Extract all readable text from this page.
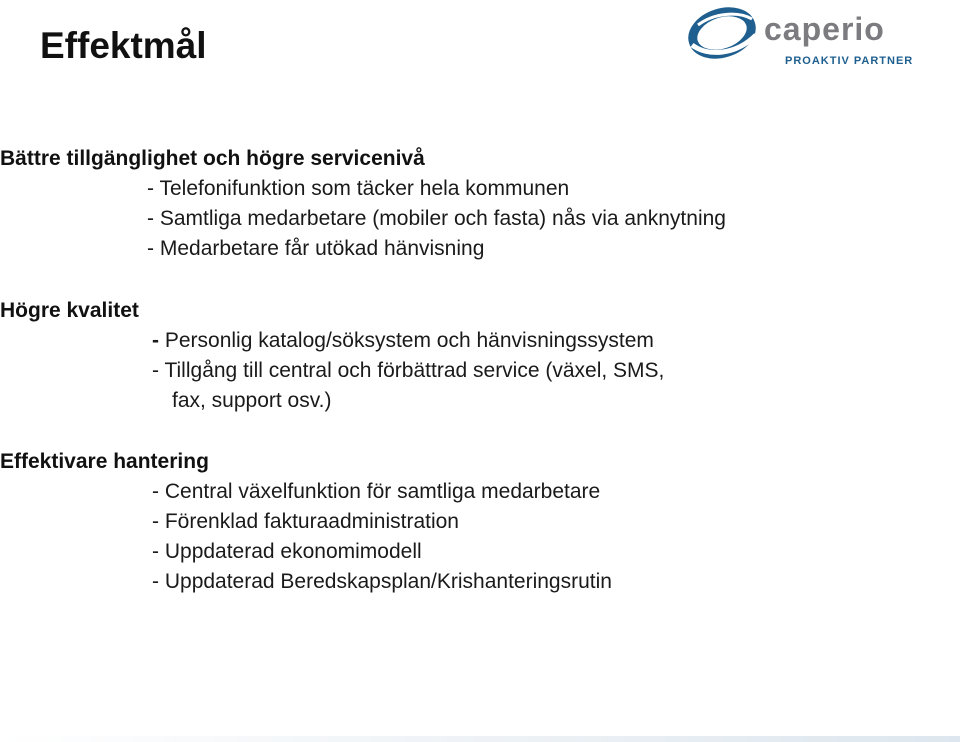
Effektmål	caperio
PROAKTIV PARTNER
Bättre tillgänglighet och högre servicenivå
- Telefonifunktion som täcker hela kommunen
- Samtliga medarbetare (mobiler och fasta) nås via anknytning
- Medarbetare får utökad hänvisning
Högre kvalitet
- Personlig katalog/söksystem och hänvisningssystem
- Tillgång till central och förbättrad service (växel, SMS,
fax, support osv.)
Effektivare hantering
- Central växelfunktion för samtliga medarbetare
- Förenklad fakturaadministration
- Uppdaterad ekonomimodell
- Uppdaterad Beredskapsplan/Krishanteringsrutin
